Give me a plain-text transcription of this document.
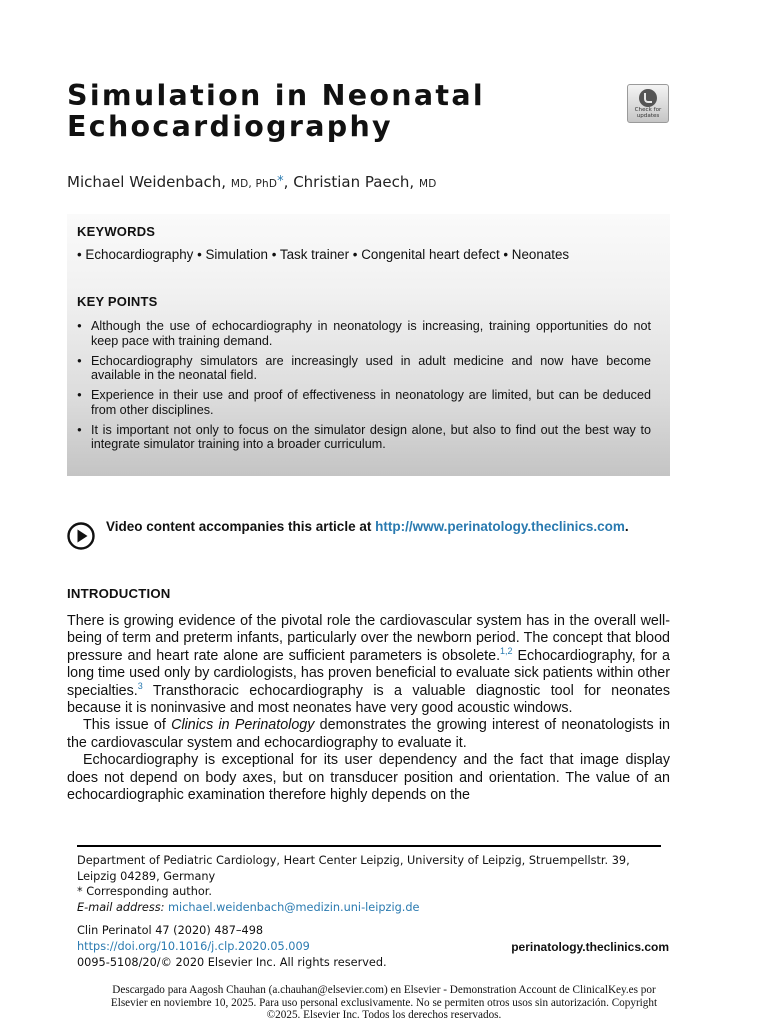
Simulation in Neonatal
Echocardiography	Check for
updates
Michael Weidenbach, MD, PhD*, Christian Paech, MD
KEYWORDS
• Echocardiography • Simulation • Task trainer • Congenital heart defect • Neonates
KEY POINTS
● Although the use of echocardiography in neonatology is increasing, training opportunities do not keep pace with training demand.
● Echocardiography simulators are increasingly used in adult medicine and now have become available in the neonatal field.
● Experience in their use and proof of effectiveness in neonatology are limited, but can be deduced from other disciplines.
● It is important not only to focus on the simulator design alone, but also to find out the best way to integrate simulator training into a broader curriculum.
Video content accompanies this article at http://www.perinatology.theclinics.com.
INTRODUCTION

There is growing evidence of the pivotal role the cardiovascular system has in the overall well-being of term and preterm infants, particularly over the newborn period. The concept that blood pressure and heart rate alone are sufficient parameters is obsolete.$^{1,2}$ Echocardiography, for a long time used only by cardiologists, has proven beneficial to evaluate sick patients within other specialties.$^3$ Transthoracic echocardiography is a valuable diagnostic tool for neonates because it is noninvasive and most neonates have very good acoustic windows.

This issue of Clinics in Perinatology demonstrates the growing interest of neonatologists in the cardiovascular system and echocardiography to evaluate it.

Echocardiography is exceptional for its user dependency and the fact that image display does not depend on body axes, but on transducer position and orientation. The value of an echocardiographic examination therefore highly depends on the

Department of Pediatric Cardiology, Heart Center Leipzig, University of Leipzig, Struempellstr. 39, Leipzig 04289, Germany
* Corresponding author.
E-mail address: michael.weidenbach@medizin.uni-leipzig.de
Clin Perinatol 47 (2020) 487–498
https://doi.org/10.1016/j.clp.2020.05.009
0095-5108/20/© 2020 Elsevier Inc. All rights reserved.
perinatology.theclinics.com
Descargado para Aagosh Chauhan (a.chauhan@elsevier.com) en Elsevier - Demonstration Account de ClinicalKey.es por Elsevier en noviembre 10, 2025. Para uso personal exclusivamente. No se permiten otros usos sin autorización. Copyright ©2025. Elsevier Inc. Todos los derechos reservados.
